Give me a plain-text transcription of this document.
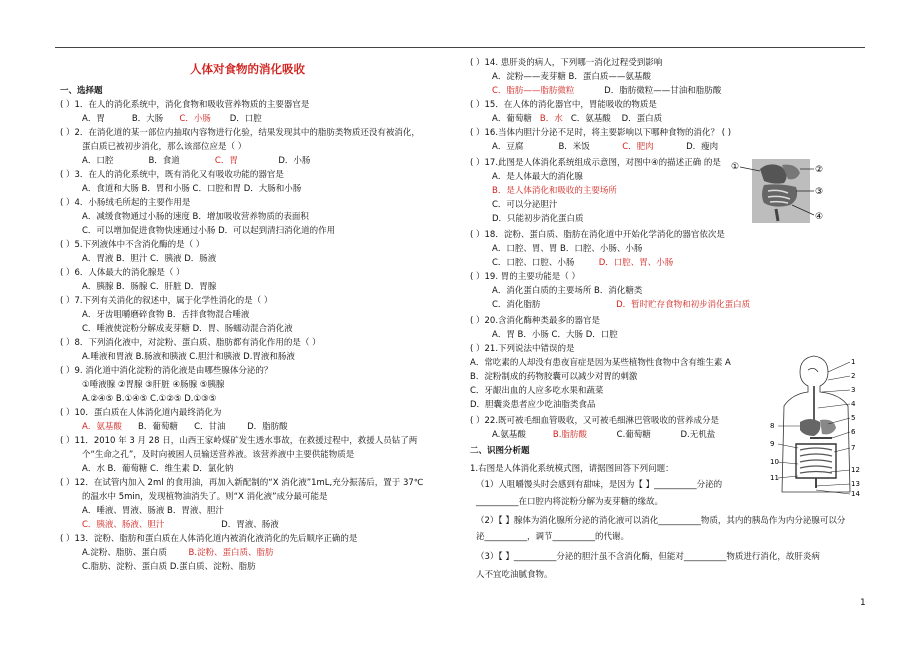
人体对食物的消化吸收
一、选择题
( ）1．在人的消化系统中，消化食物和吸收营养物质的主要器官是
A．胃          B．大肠      C．小肠       D．口腔
( ）2．在消化道的某一部位内抽取内容物进行化验，结果发现其中的脂肪类物质还没有被消化，
蛋白质已被初步消化，那么该部位应是（ ）
A．口腔             B．食道             C．胃               D．小肠
( ）3．在人的消化系统中，既有消化又有吸收功能的器官是
A．食道和大肠 B．胃和小肠 C．口腔和胃 D．大肠和小肠
( ）4．小肠绒毛所起的主要作用是
A．减缓食物通过小肠的速度 B．增加吸收营养物质的表面积
C．可以增加促进食物快速通过小肠 D．可以起到清扫消化道的作用
( ）5.下列液体中不含消化酶的是（ ）
A．胃液 B．胆汁 C．胰液 D．肠液
( ）6．人体最大的消化腺是（ ）
A．胰腺 B．肠腺 C．肝脏 D．胃腺
( ）7.下列有关消化的叙述中，属于化学性消化的是（ ）
A．牙齿咀嚼磨碎食物 B．舌拌食物混合唾液
C．唾液使淀粉分解成麦芽糖 D．胃、肠蠕动混合消化液
( ）8．下列消化液中，对淀粉、蛋白质、脂肪都有消化作用的是（ ）
A.唾液和胃液 B.肠液和胰液 C.胆汁和胰液 D.胃液和肠液
( ）9. 消化道中消化淀粉的消化液是由哪些腺体分泌的？
①唾液腺 ②胃腺 ③肝脏 ④肠腺 ⑤胰腺
A.②④⑤ B.①④⑤ C.①②⑤ D.①③⑤
( ）10．蛋白质在人体消化道内最终消化为
A．氨基酸      B．葡萄糖      C．甘油        D．脂肪酸
( ）11．2010 年 3 月 28 日，山西王家岭煤矿发生透水事故，在救援过程中，救援人员钻了两
个“生命之孔”，及时向被困人员输送营养液。该营养液中主要供能物质是
A．水 B．葡萄糖 C．维生素 D．氯化钠
( ）12．在试管内加入 2ml 的食用油，再加入新配制的“X 消化液”1mL,充分振荡后，置于 37℃
的温水中 5min，发现植物油消失了。则“X 消化液”成分最可能是
A．唾液、胃液、肠液 B．胃液、胆汁
C．胰液、肠液、胆汁                     D．胃液、肠液
( ）13．淀粉、脂肪和蛋白质在人体消化道内被消化液消化的先后顺序正确的是
A.淀粉、脂肪、蛋白质        B.淀粉、蛋白质、脂肪
C.脂肪、淀粉、蛋白质 D.蛋白质、淀粉、脂肪
( ）14. 患肝炎的病人，下列哪一消化过程受到影响
A．淀粉——麦芽糖 B．蛋白质——氨基酸
C．脂肪——脂肪微粒           D．脂肪微粒——甘油和脂肪酸
( ）15．在人体的消化器官中，胃能吸收的物质是
A．葡萄糖   B．水   C．氨基酸    D．蛋白质
( ）16.当体内胆汁分泌不足时，将主要影响以下哪种食物的消化？ ( )
A．豆腐             B．米饭            C．肥肉            D．瘦肉
( ）17.此图是人体消化系统组成示意图，对图中④的描述正确 的是
A．是人体最大的消化腺
B．是人体消化和吸收的主要场所
C．可以分泌胆汁
D．只能初步消化蛋白质
①	②
③
④
( ）18．淀粉、蛋白质、脂肪在消化道中开始化学消化的器官依次是
A．口腔、胃、胃 B．口腔、小肠、小肠
C．口腔、口腔、小肠         D．口腔、胃、小肠
( ）19. 胃的主要功能是（ ）
A．消化蛋白质的主要场所 B．消化糖类
C．消化脂肪                            D．暂时贮存食物和初步消化蛋白质
( ）20.含消化酶种类最多的器官是
A．胃 B．小肠 C．大肠 D．口腔
( ）21.下列说法中错误的是
A．常吃素的人却没有患夜盲症是因为某些植物性食物中含有维生素 A
B．淀粉制成的药物胶囊可以减少对胃的刺激
C．牙龈出血的人应多吃水果和蔬菜
D．胆囊炎患者应少吃油脂类食品
( ）22.既可被毛细血管吸收，又可被毛细淋巴管吸收的营养成分是
A.氨基酸          B.脂肪酸           C.葡萄糖           D.无机盐
二、识图分析题
1.右图是人体消化系统模式图，请据图回答下列问题：
（1）人咀嚼馒头时会感到有甜味，是因为【 】__________分泌的
__________在口腔内将淀粉分解为麦芽糖的缘故。
（2）【 】腺体为消化腺所分泌的消化液可以消化__________物质，其内的胰岛作为内分泌腺可以分
泌__________，调节__________的代谢。
（3）【 】__________分泌的胆汁虽不含消化酶，但能对__________物质进行消化，故肝炎病
人不宜吃油腻食物。
1
2
3
4
5
6
7
8
9
10
11
12
13
14
1
